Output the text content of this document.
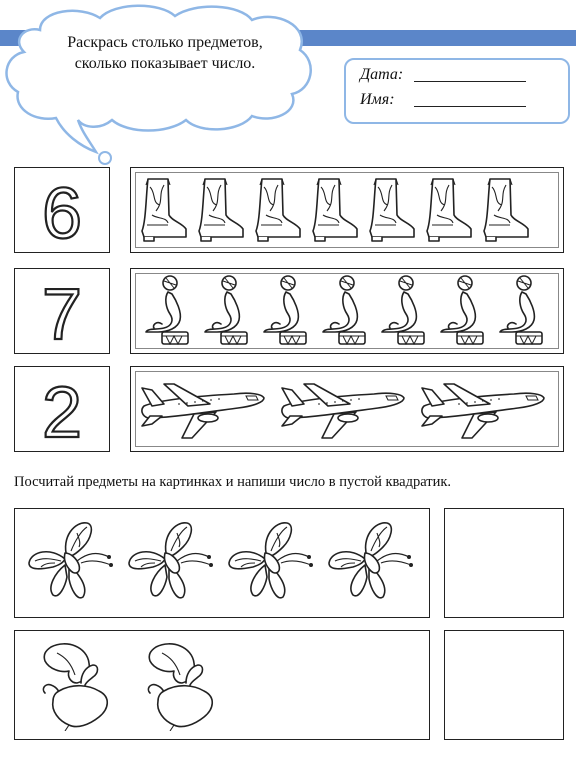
Раскрась столько предметов,
сколько показывает число.
Дата:
Имя:
6
7
2
Посчитай предметы на картинках и напиши число в пустой квадратик.
